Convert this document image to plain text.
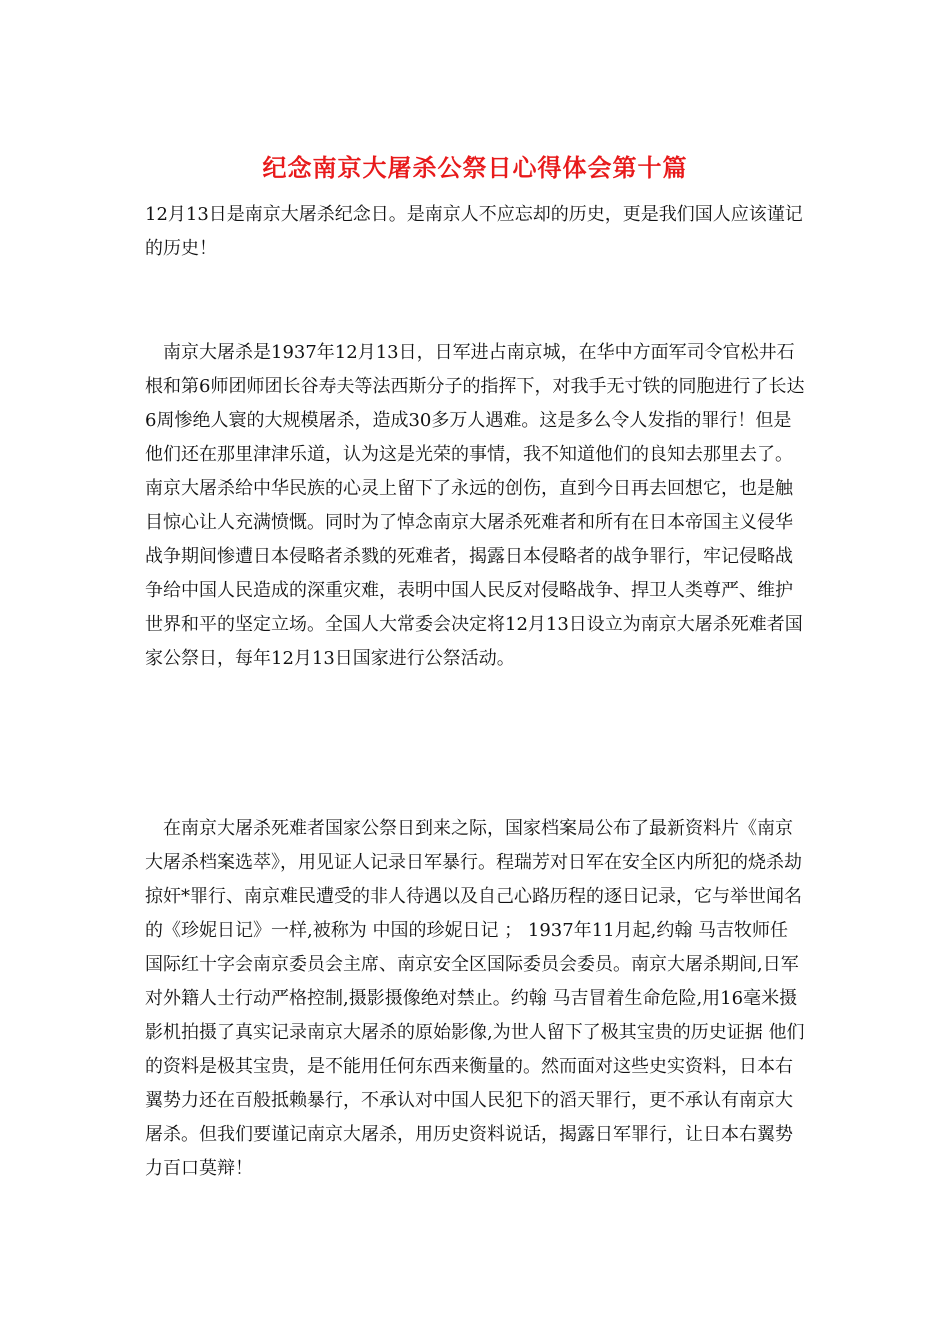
纪念南京大屠杀公祭日心得体会第十篇

12月13日是南京大屠杀纪念日。是南京人不应忘却的历史，更是我们国人应该谨记的历史！

南京大屠杀是1937年12月13日，日军进占南京城，在华中方面军司令官松井石根和第6师团师团长谷寿夫等法西斯分子的指挥下，对我手无寸铁的同胞进行了长达6周惨绝人寰的大规模屠杀，造成30多万人遇难。这是多么令人发指的罪行！但是他们还在那里津津乐道，认为这是光荣的事情，我不知道他们的良知去那里去了。南京大屠杀给中华民族的心灵上留下了永远的创伤，直到今日再去回想它，也是触目惊心让人充满愤慨。同时为了悼念南京大屠杀死难者和所有在日本帝国主义侵华战争期间惨遭日本侵略者杀戮的死难者，揭露日本侵略者的战争罪行，牢记侵略战争给中国人民造成的深重灾难，表明中国人民反对侵略战争、捍卫人类尊严、维护世界和平的坚定立场。全国人大常委会决定将12月13日设立为南京大屠杀死难者国家公祭日，每年12月13日国家进行公祭活动。

在南京大屠杀死难者国家公祭日到来之际，国家档案局公布了最新资料片《南京大屠杀档案选萃》，用见证人记录日军暴行。程瑞芳对日军在安全区内所犯的烧杀劫掠奸*罪行、南京难民遭受的非人待遇以及自己心路历程的逐日记录，它与举世闻名的《珍妮日记》一样,被称为 中国的珍妮日记 ； 1937年11月起,约翰 马吉牧师任国际红十字会南京委员会主席、南京安全区国际委员会委员。南京大屠杀期间,日军对外籍人士行动严格控制,摄影摄像绝对禁止。约翰 马吉冒着生命危险,用16毫米摄影机拍摄了真实记录南京大屠杀的原始影像,为世人留下了极其宝贵的历史证据 他们的资料是极其宝贵，是不能用任何东西来衡量的。然而面对这些史实资料，日本右翼势力还在百般抵赖暴行，不承认对中国人民犯下的滔天罪行，更不承认有南京大屠杀。但我们要谨记南京大屠杀，用历史资料说话，揭露日军罪行，让日本右翼势力百口莫辩！
